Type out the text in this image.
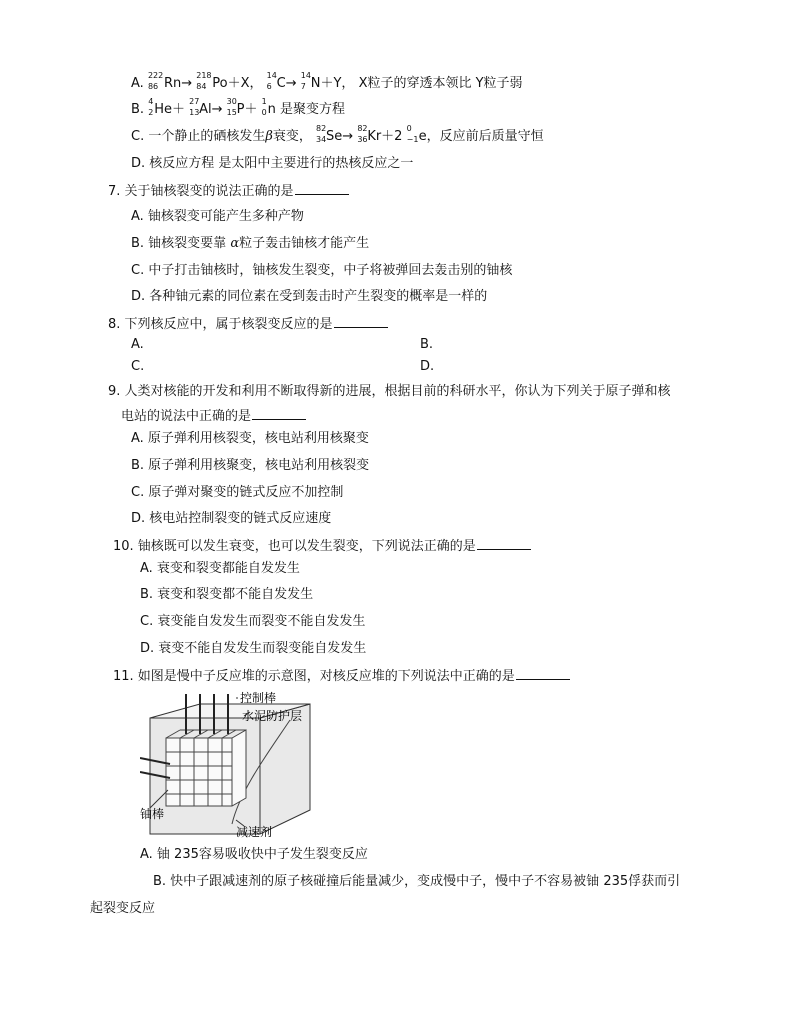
A.
222
86 Rn→
218
84 Po＋X，
14
6 C→
14
7 N＋Y， X粒子的穿透本领比 Y粒子弱
B.
4
2 He＋
27
13 Al→
30
15 P＋
1
0 n 是聚变方程
C. 一个静止的硒核发生β衰变，
82
34 Se→
82
36 Kr＋2
0
−1 e，反应前后质量守恒
D. 核反应方程 是太阳中主要进行的热核反应之一
7. 关于铀核裂变的说法正确的是
A. 铀核裂变可能产生多种产物
B. 铀核裂变要靠 α粒子轰击铀核才能产生
C. 中子打击铀核时，铀核发生裂变，中子将被弹回去轰击别的铀核
D. 各种铀元素的同位素在受到轰击时产生裂变的概率是一样的
8. 下列核反应中，属于核裂变反应的是
A.	B.
C.	D.
9. 人类对核能的开发和利用不断取得新的进展，根据目前的科研水平，你认为下列关于原子弹和核
电站的说法中正确的是
A. 原子弹利用核裂变，核电站利用核聚变
B. 原子弹利用核聚变，核电站利用核裂变
C. 原子弹对聚变的链式反应不加控制
D. 核电站控制裂变的链式反应速度
10. 铀核既可以发生衰变，也可以发生裂变，下列说法正确的是
A. 衰变和裂变都能自发发生
B. 衰变和裂变都不能自发发生
C. 衰变能自发发生而裂变不能自发发生
D. 衰变不能自发发生而裂变能自发发生
11. 如图是慢中子反应堆的示意图，对核反应堆的下列说法中正确的是
控制棒
水泥防护层
铀棒
减速剂
A. 铀 235容易吸收快中子发生裂变反应
B. 快中子跟减速剂的原子核碰撞后能量减少，变成慢中子，慢中子不容易被铀 235俘获而引
起裂变反应
